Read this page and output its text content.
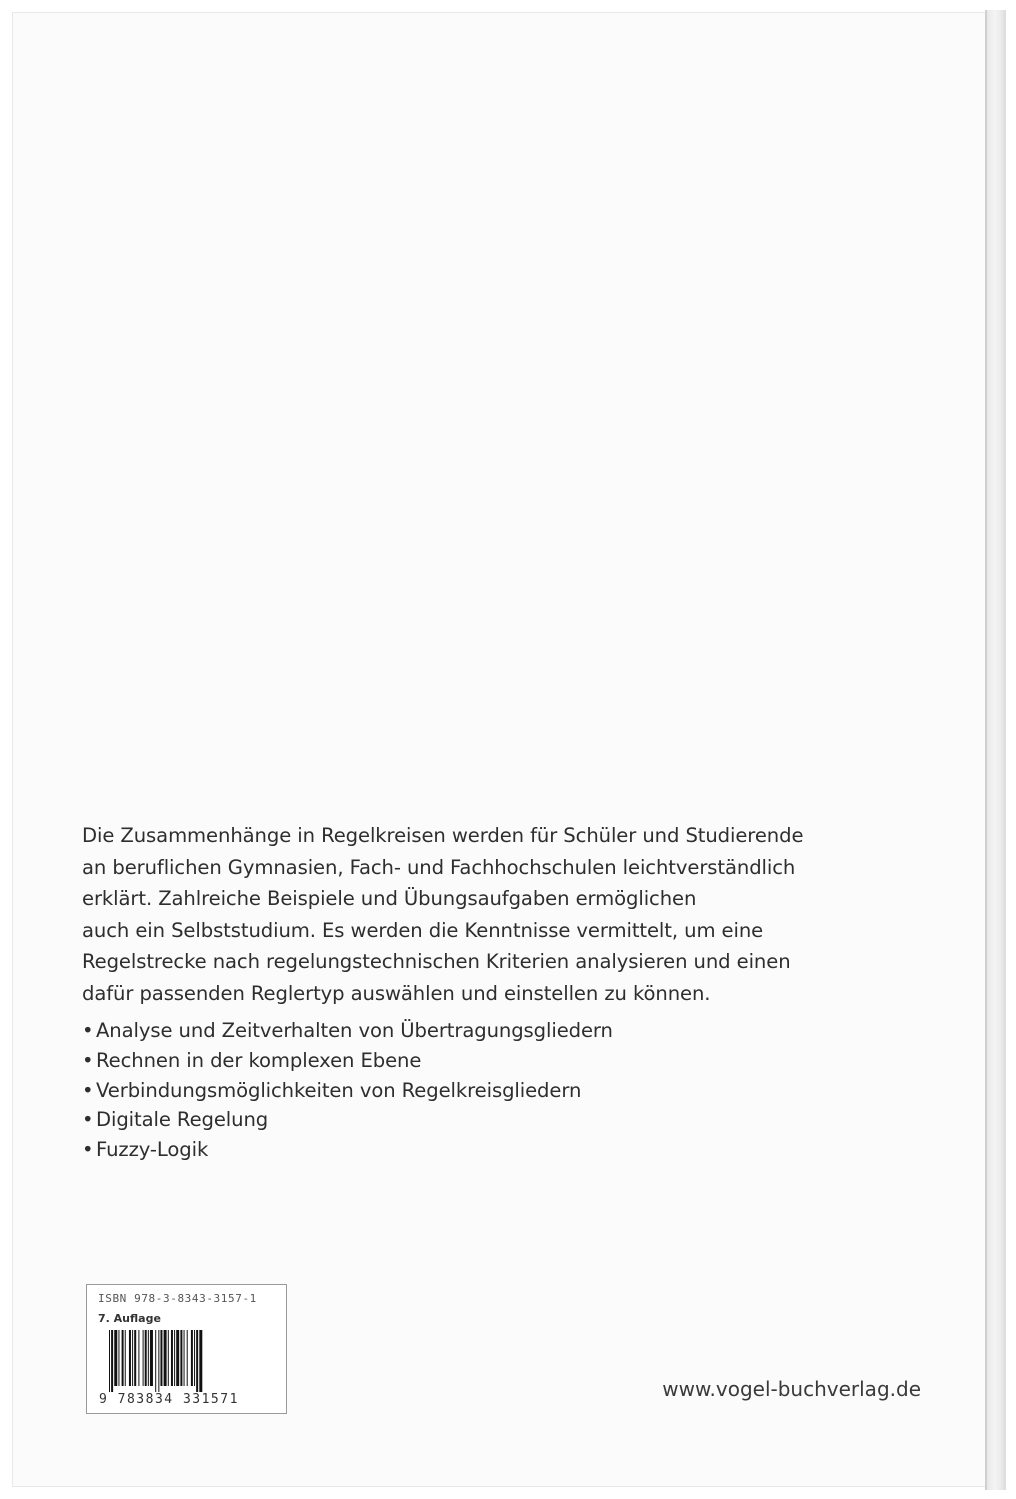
Die Zusammenhänge in Regelkreisen werden für Schüler und Studierende
an beruflichen Gymnasien, Fach- und Fachhochschulen leichtverständlich
erklärt. Zahlreiche Beispiele und Übungsaufgaben ermöglichen
auch ein Selbststudium. Es werden die Kenntnisse vermittelt, um eine
Regelstrecke nach regelungstechnischen Kriterien analysieren und einen
dafür passenden Reglertyp auswählen und einstellen zu können.
• Analyse und Zeitverhalten von Übertragungsgliedern
• Rechnen in der komplexen Ebene
• Verbindungsmöglichkeiten von Regelkreisgliedern
• Digitale Regelung
• Fuzzy-Logik
ISBN 978-3-8343-3157-1
7. Auflage
9 783834 331571	www.vogel-buchverlag.de
